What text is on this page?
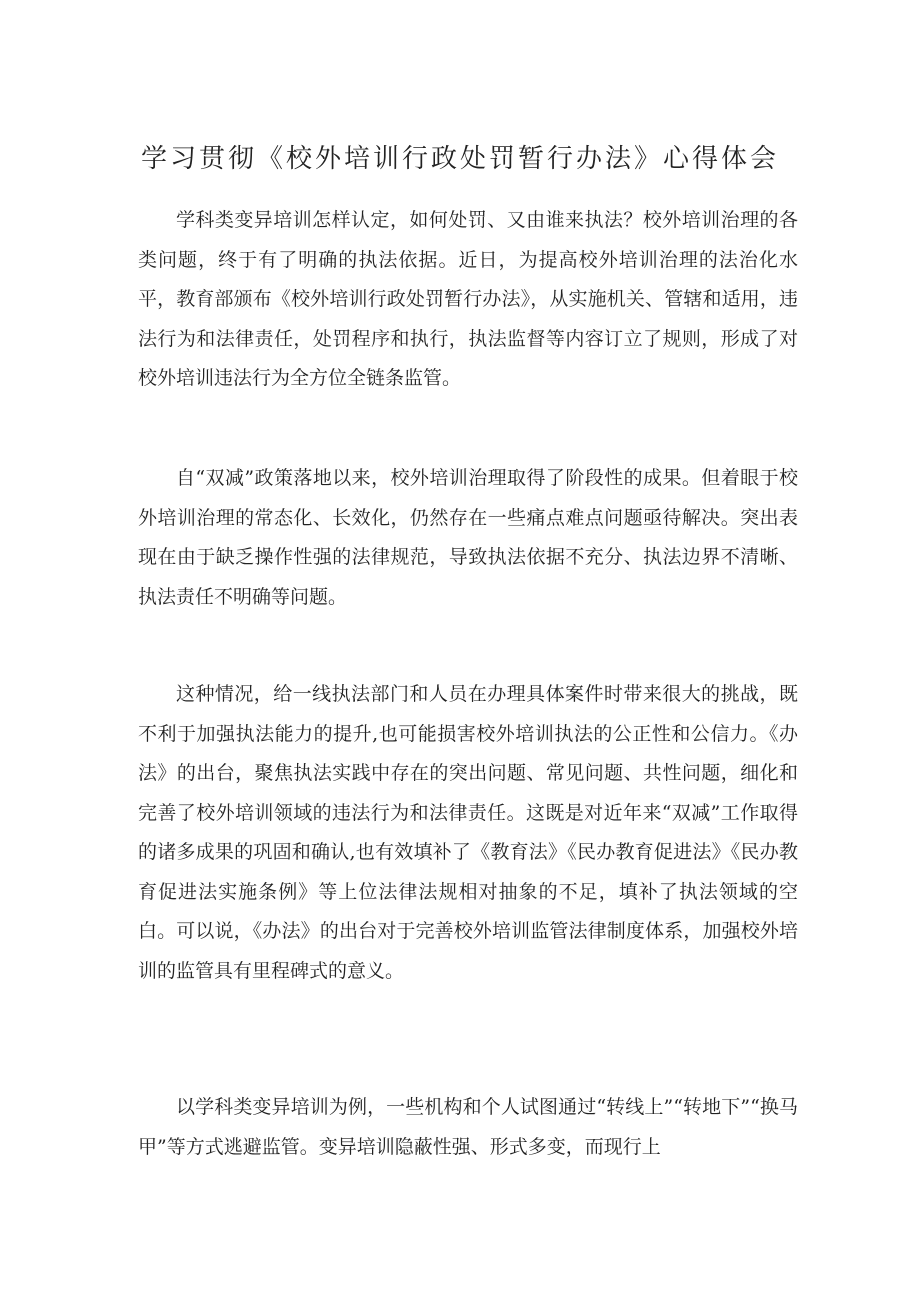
学习贯彻《校外培训行政处罚暂行办法》心得体会

学科类变异培训怎样认定，如何处罚、又由谁来执法？校外培训治理的各类问题，终于有了明确的执法依据。近日，为提高校外培训治理的法治化水平，教育部颁布《校外培训行政处罚暂行办法》，从实施机关、管辖和适用，违法行为和法律责任，处罚程序和执行，执法监督等内容订立了规则，形成了对校外培训违法行为全方位全链条监管。

自“双减”政策落地以来，校外培训治理取得了阶段性的成果。但着眼于校外培训治理的常态化、长效化，仍然存在一些痛点难点问题亟待解决。突出表现在由于缺乏操作性强的法律规范，导致执法依据不充分、执法边界不清晰、执法责任不明确等问题。

这种情况，给一线执法部门和人员在办理具体案件时带来很大的挑战，既不利于加强执法能力的提升,也可能损害校外培训执法的公正性和公信力。《办法》的出台，聚焦执法实践中存在的突出问题、常见问题、共性问题，细化和完善了校外培训领域的违法行为和法律责任。这既是对近年来“双减”工作取得的诸多成果的巩固和确认,也有效填补了《教育法》《民办教育促进法》《民办教育促进法实施条例》等上位法律法规相对抽象的不足，填补了执法领域的空白。可以说，《办法》的出台对于完善校外培训监管法律制度体系，加强校外培训的监管具有里程碑式的意义。

以学科类变异培训为例，一些机构和个人试图通过“转线上”“转地下”“换马甲”等方式逃避监管。变异培训隐蔽性强、形式多变，而现行上
